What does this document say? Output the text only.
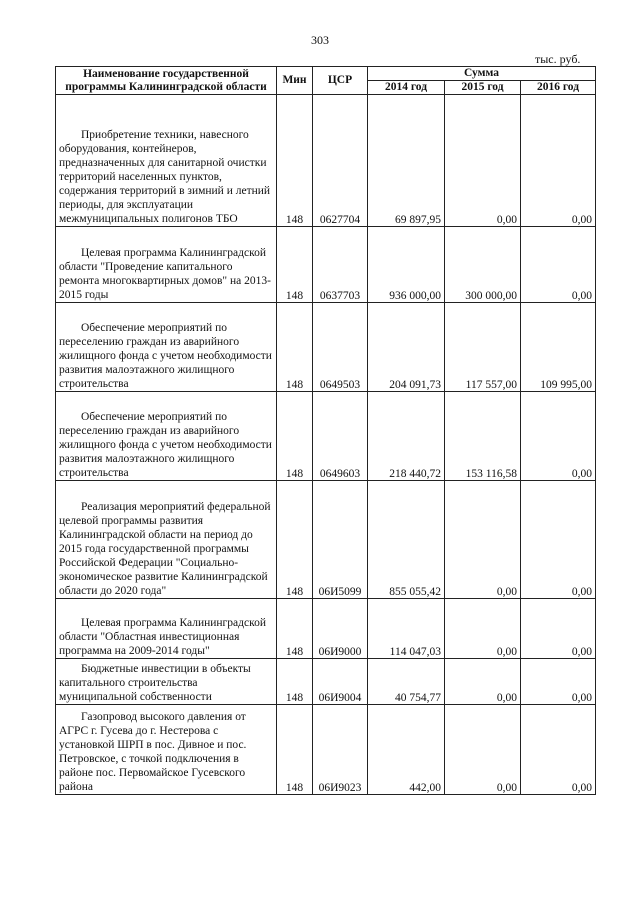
303
тыс. руб.
Наименование государственной программы Калининградской области	Мин	ЦСР	Сумма		
			2014 год	2015 год	2016 год

Приобретение техники, навесного оборудования, контейнеров, предназначенных для санитарной очистки территорий населенных пунктов, содержания территорий в зимний и летний периоды, для эксплуатации межмуниципальных полигонов ТБО	148	0627704	69 897,95	0,00	0,00

Целевая программа Калининградской области "Проведение капитального ремонта многоквартирных домов" на 2013-2015 годы	148	0637703	936 000,00	300 000,00	0,00

Обеспечение мероприятий по переселению граждан из аварийного жилищного фонда с учетом необходимости развития малоэтажного жилищного строительства	148	0649503	204 091,73	117 557,00	109 995,00

Обеспечение мероприятий по переселению граждан из аварийного жилищного фонда с учетом необходимости развития малоэтажного жилищного строительства	148	0649603	218 440,72	153 116,58	0,00

Реализация мероприятий федеральной целевой программы развития Калининградской области на период до 2015 года государственной программы Российской Федерации "Социально-экономическое развитие Калининградской области до 2020 года"	148	06И5099	855 055,42	0,00	0,00

Целевая программа Калининградской области "Областная инвестиционная программа на 2009-2014 годы"	148	06И9000	114 047,03	0,00	0,00

Бюджетные инвестиции в объекты капитального строительства муниципальной собственности	148	06И9004	40 754,77	0,00	0,00

Газопровод высокого давления от АГРС г. Гусева до г. Нестерова с установкой ШРП в пос. Дивное и пос. Петровское, с точкой подключения в районе пос. Первомайское Гусевского района	148	06И9023	442,00	0,00	0,00
